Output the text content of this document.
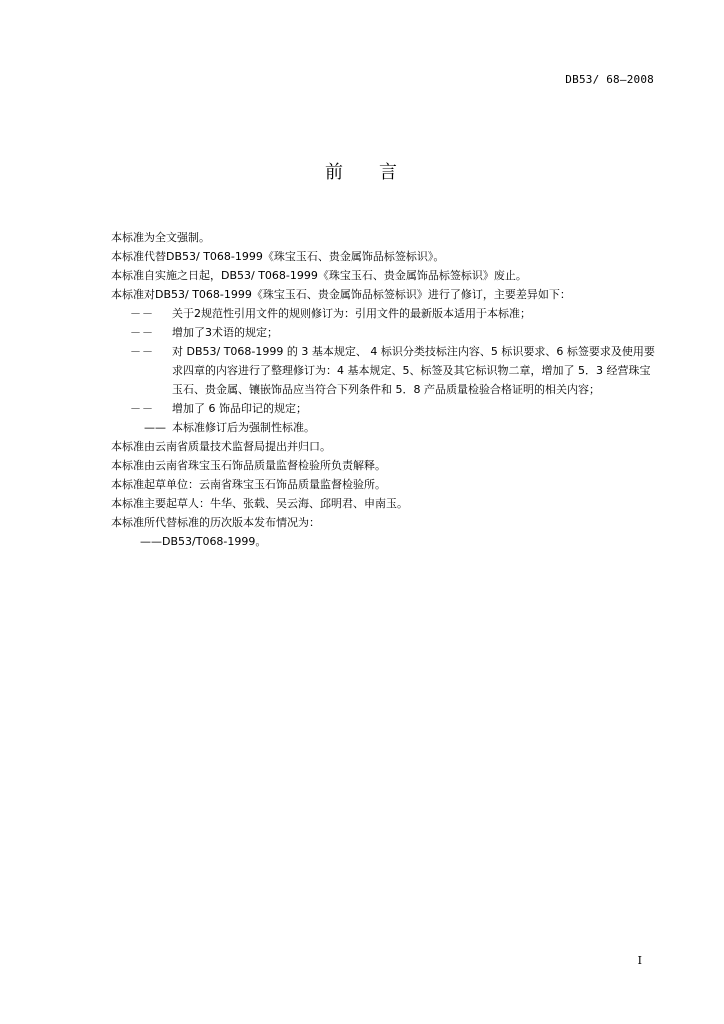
DB53/ 68—2008
前 言
本标准为全文强制。
本标准代替DB53/ T068-1999《珠宝玉石、贵金属饰品标签标识》。
本标准自实施之日起，DB53/ T068-1999《珠宝玉石、贵金属饰品标签标识》废止。
本标准对DB53/ T068-1999《珠宝玉石、贵金属饰品标签标识》进行了修订，主要差异如下：
－－ 关于2规范性引用文件的规则修订为：引用文件的最新版本适用于本标准；
－－ 增加了3术语的规定；
－－ 对 DB53/ T068-1999 的 3 基本规定、 4 标识分类技标注内容、5 标识要求、6 标签要求及使用要求四章的内容进行了整理修订为：4 基本规定、5、标签及其它标识物二章，增加了 5．3 经营珠宝玉石、贵金属、镶嵌饰品应当符合下列条件和 5．8 产品质量检验合格证明的相关内容；
－－ 增加了 6 饰品印记的规定；
—— 本标准修订后为强制性标准。
本标准由云南省质量技术监督局提出并归口。
本标准由云南省珠宝玉石饰品质量监督检验所负责解释。
本标准起草单位：云南省珠宝玉石饰品质量监督检验所。
本标准主要起草人：牛华、张载、吴云海、邱明君、申南玉。
本标准所代替标准的历次版本发布情况为：
——DB53/T068-1999。
I
